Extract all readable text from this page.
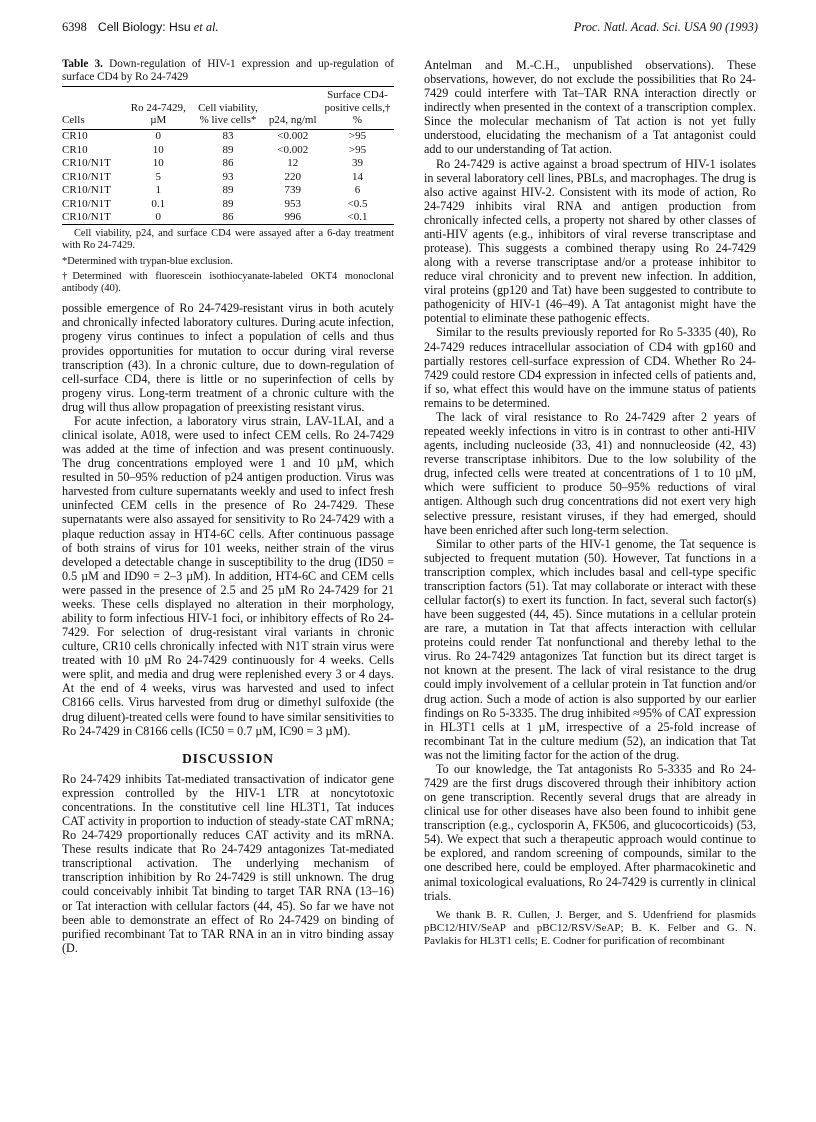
6398 Cell Biology: Hsu et al.	Proc. Natl. Acad. Sci. USA 90 (1993)
Table 3. Down-regulation of HIV-1 expression and up-regulation of surface CD4 by Ro 24-7429
Cells	Ro 24-7429, µM	Cell viability, % live cells*	p24, ng/ml	Surface CD4-positive cells,† %
CR10	0	83	<0.002	>95
CR10	10	89	<0.002	>95
CR10/N1T	10	86	12	39
CR10/N1T	5	93	220	14
CR10/N1T	1	89	739	6
CR10/N1T	0.1	89	953	<0.5
CR10/N1T	0	86	996	<0.1

Cell viability, p24, and surface CD4 were assayed after a 6-day treatment with Ro 24-7429.

*Determined with trypan-blue exclusion.

†Determined with fluorescein isothiocyanate-labeled OKT4 monoclonal antibody (40).

possible emergence of Ro 24-7429-resistant virus in both acutely and chronically infected laboratory cultures. During acute infection, progeny virus continues to infect a population of cells and thus provides opportunities for mutation to occur during viral reverse transcription (43). In a chronic culture, due to down-regulation of cell-surface CD4, there is little or no superinfection of cells by progeny virus. Long-term treatment of a chronic culture with the drug will thus allow propagation of preexisting resistant virus.

For acute infection, a laboratory virus strain, LAV-1LAI, and a clinical isolate, A018, were used to infect CEM cells. Ro 24-7429 was added at the time of infection and was present continuously. The drug concentrations employed were 1 and 10 µM, which resulted in 50–95% reduction of p24 antigen production. Virus was harvested from culture supernatants weekly and used to infect fresh uninfected CEM cells in the presence of Ro 24-7429. These supernatants were also assayed for sensitivity to Ro 24-7429 with a plaque reduction assay in HT4-6C cells. After continuous passage of both strains of virus for 101 weeks, neither strain of the virus developed a detectable change in susceptibility to the drug (ID50 = 0.5 µM and ID90 = 2–3 µM). In addition, HT4-6C and CEM cells were passed in the presence of 2.5 and 25 µM Ro 24-7429 for 21 weeks. These cells displayed no alteration in their morphology, ability to form infectious HIV-1 foci, or inhibitory effects of Ro 24-7429. For selection of drug-resistant viral variants in chronic culture, CR10 cells chronically infected with N1T strain virus were treated with 10 µM Ro 24-7429 continuously for 4 weeks. Cells were split, and media and drug were replenished every 3 or 4 days. At the end of 4 weeks, virus was harvested and used to infect C8166 cells. Virus harvested from drug or dimethyl sulfoxide (the drug diluent)-treated cells were found to have similar sensitivities to Ro 24-7429 in C8166 cells (IC50 = 0.7 µM, IC90 = 3 µM).

DISCUSSION

Ro 24-7429 inhibits Tat-mediated transactivation of indicator gene expression controlled by the HIV-1 LTR at noncytotoxic concentrations. In the constitutive cell line HL3T1, Tat induces CAT activity in proportion to induction of steady-state CAT mRNA; Ro 24-7429 proportionally reduces CAT activity and its mRNA. These results indicate that Ro 24-7429 antagonizes Tat-mediated transcriptional activation. The underlying mechanism of transcription inhibition by Ro 24-7429 is still unknown. The drug could conceivably inhibit Tat binding to target TAR RNA (13–16) or Tat interaction with cellular factors (44, 45). So far we have not been able to demonstrate an effect of Ro 24-7429 on binding of purified recombinant Tat to TAR RNA in an in vitro binding assay (D.

Antelman and M.-C.H., unpublished observations). These observations, however, do not exclude the possibilities that Ro 24-7429 could interfere with Tat–TAR RNA interaction directly or indirectly when presented in the context of a transcription complex. Since the molecular mechanism of Tat action is not yet fully understood, elucidating the mechanism of a Tat antagonist could add to our understanding of Tat action.

Ro 24-7429 is active against a broad spectrum of HIV-1 isolates in several laboratory cell lines, PBLs, and macrophages. The drug is also active against HIV-2. Consistent with its mode of action, Ro 24-7429 inhibits viral RNA and antigen production from chronically infected cells, a property not shared by other classes of anti-HIV agents (e.g., inhibitors of viral reverse transcriptase and protease). This suggests a combined therapy using Ro 24-7429 along with a reverse transcriptase and/or a protease inhibitor to reduce viral chronicity and to prevent new infection. In addition, viral proteins (gp120 and Tat) have been suggested to contribute to pathogenicity of HIV-1 (46–49). A Tat antagonist might have the potential to eliminate these pathogenic effects.

Similar to the results previously reported for Ro 5-3335 (40), Ro 24-7429 reduces intracellular association of CD4 with gp160 and partially restores cell-surface expression of CD4. Whether Ro 24-7429 could restore CD4 expression in infected cells of patients and, if so, what effect this would have on the immune status of patients remains to be determined.

The lack of viral resistance to Ro 24-7429 after 2 years of repeated weekly infections in vitro is in contrast to other anti-HIV agents, including nucleoside (33, 41) and nonnucleoside (42, 43) reverse transcriptase inhibitors. Due to the low solubility of the drug, infected cells were treated at concentrations of 1 to 10 µM, which were sufficient to produce 50–95% reductions of viral antigen. Although such drug concentrations did not exert very high selective pressure, resistant viruses, if they had emerged, should have been enriched after such long-term selection.

Similar to other parts of the HIV-1 genome, the Tat sequence is subjected to frequent mutation (50). However, Tat functions in a transcription complex, which includes basal and cell-type specific transcription factors (51). Tat may collaborate or interact with these cellular factor(s) to exert its function. In fact, several such factor(s) have been suggested (44, 45). Since mutations in a cellular protein are rare, a mutation in Tat that affects interaction with cellular proteins could render Tat nonfunctional and thereby lethal to the virus. Ro 24-7429 antagonizes Tat function but its direct target is not known at the present. The lack of viral resistance to the drug could imply involvement of a cellular protein in Tat function and/or drug action. Such a mode of action is also supported by our earlier findings on Ro 5-3335. The drug inhibited ≈95% of CAT expression in HL3T1 cells at 1 µM, irrespective of a 25-fold increase of recombinant Tat in the culture medium (52), an indication that Tat was not the limiting factor for the action of the drug.

To our knowledge, the Tat antagonists Ro 5-3335 and Ro 24-7429 are the first drugs discovered through their inhibitory action on gene transcription. Recently several drugs that are already in clinical use for other diseases have also been found to inhibit gene transcription (e.g., cyclosporin A, FK506, and glucocorticoids) (53, 54). We expect that such a therapeutic approach would continue to be explored, and random screening of compounds, similar to the one described here, could be employed. After pharmacokinetic and animal toxicological evaluations, Ro 24-7429 is currently in clinical trials.

We thank B. R. Cullen, J. Berger, and S. Udenfriend for plasmids pBC12/HIV/SeAP and pBC12/RSV/SeAP; B. K. Felber and G. N. Pavlakis for HL3T1 cells; E. Codner for purification of recombinant
